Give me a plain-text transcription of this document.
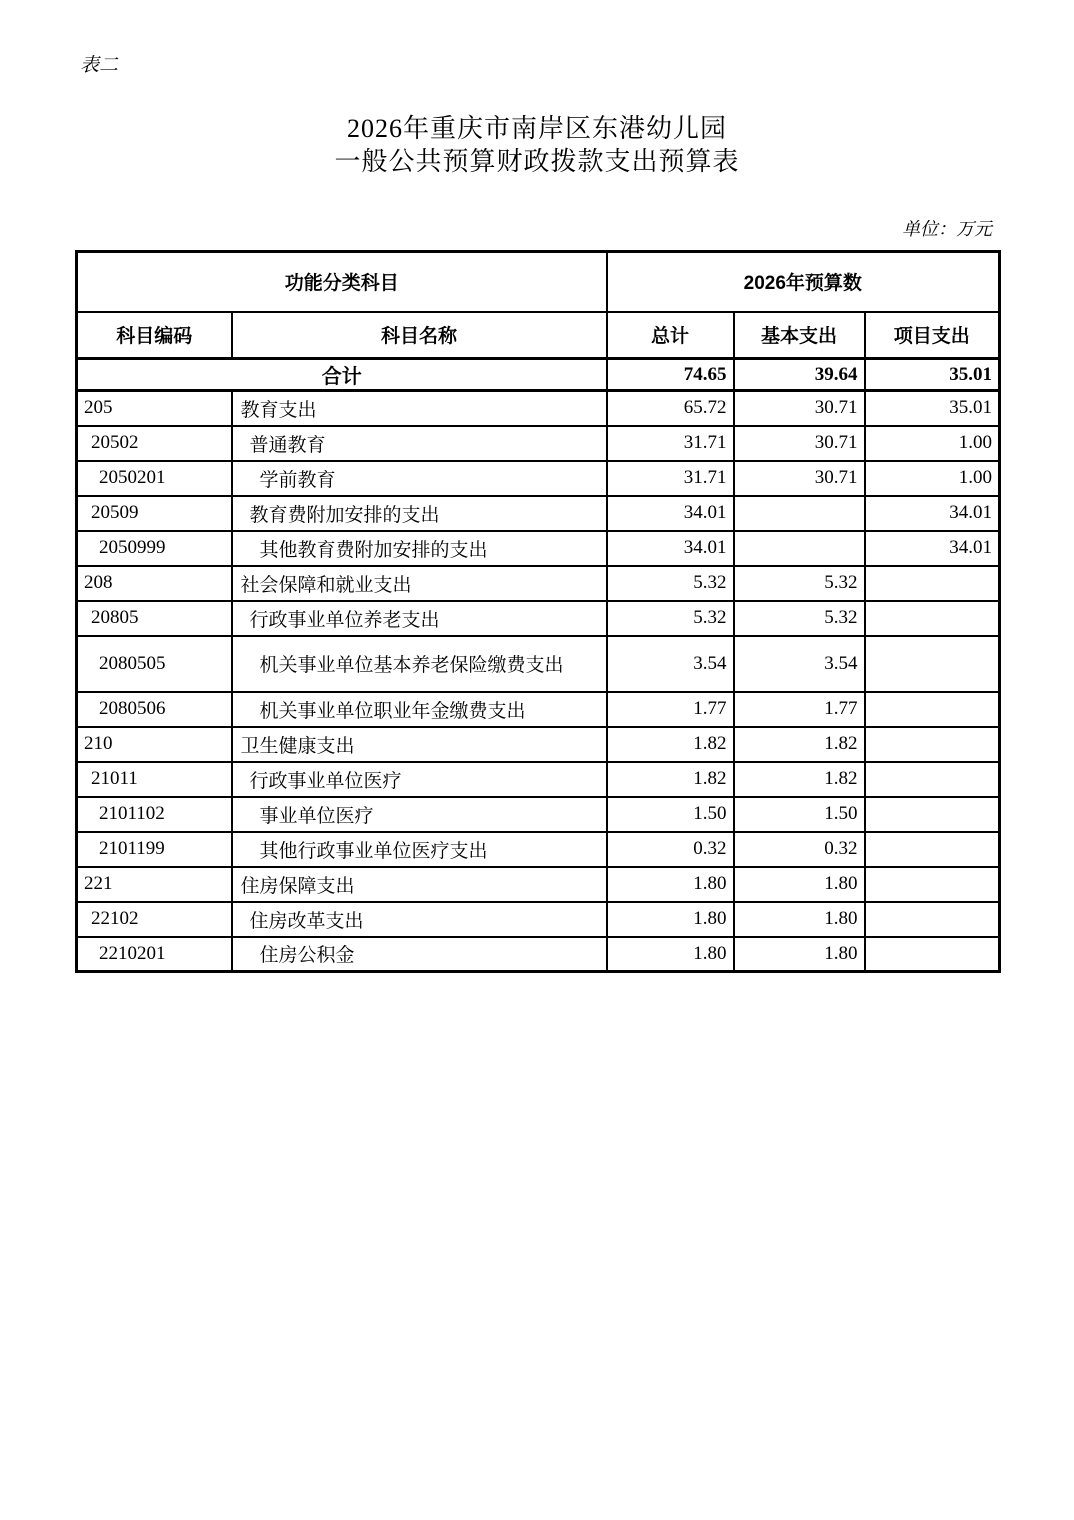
表二
2026年重庆市南岸区东港幼儿园
一般公共预算财政拨款支出预算表
单位：万元
功能分类科目		2026年预算数		
科目编码	科目名称	总计	基本支出	项目支出
合计		74.65	39.64	35.01
205	教育支出	65.72	30.71	35.01
20502	普通教育	31.71	30.71	1.00
2050201	学前教育	31.71	30.71	1.00
20509	教育费附加安排的支出	34.01		34.01
2050999	其他教育费附加安排的支出	34.01		34.01
208	社会保障和就业支出	5.32	5.32	
20805	行政事业单位养老支出	5.32	5.32	
2080505	机关事业单位基本养老保险缴费支出	3.54	3.54	
2080506	机关事业单位职业年金缴费支出	1.77	1.77	
210	卫生健康支出	1.82	1.82	
21011	行政事业单位医疗	1.82	1.82	
2101102	事业单位医疗	1.50	1.50	
2101199	其他行政事业单位医疗支出	0.32	0.32	
221	住房保障支出	1.80	1.80	
22102	住房改革支出	1.80	1.80	
2210201	住房公积金	1.80	1.80	
